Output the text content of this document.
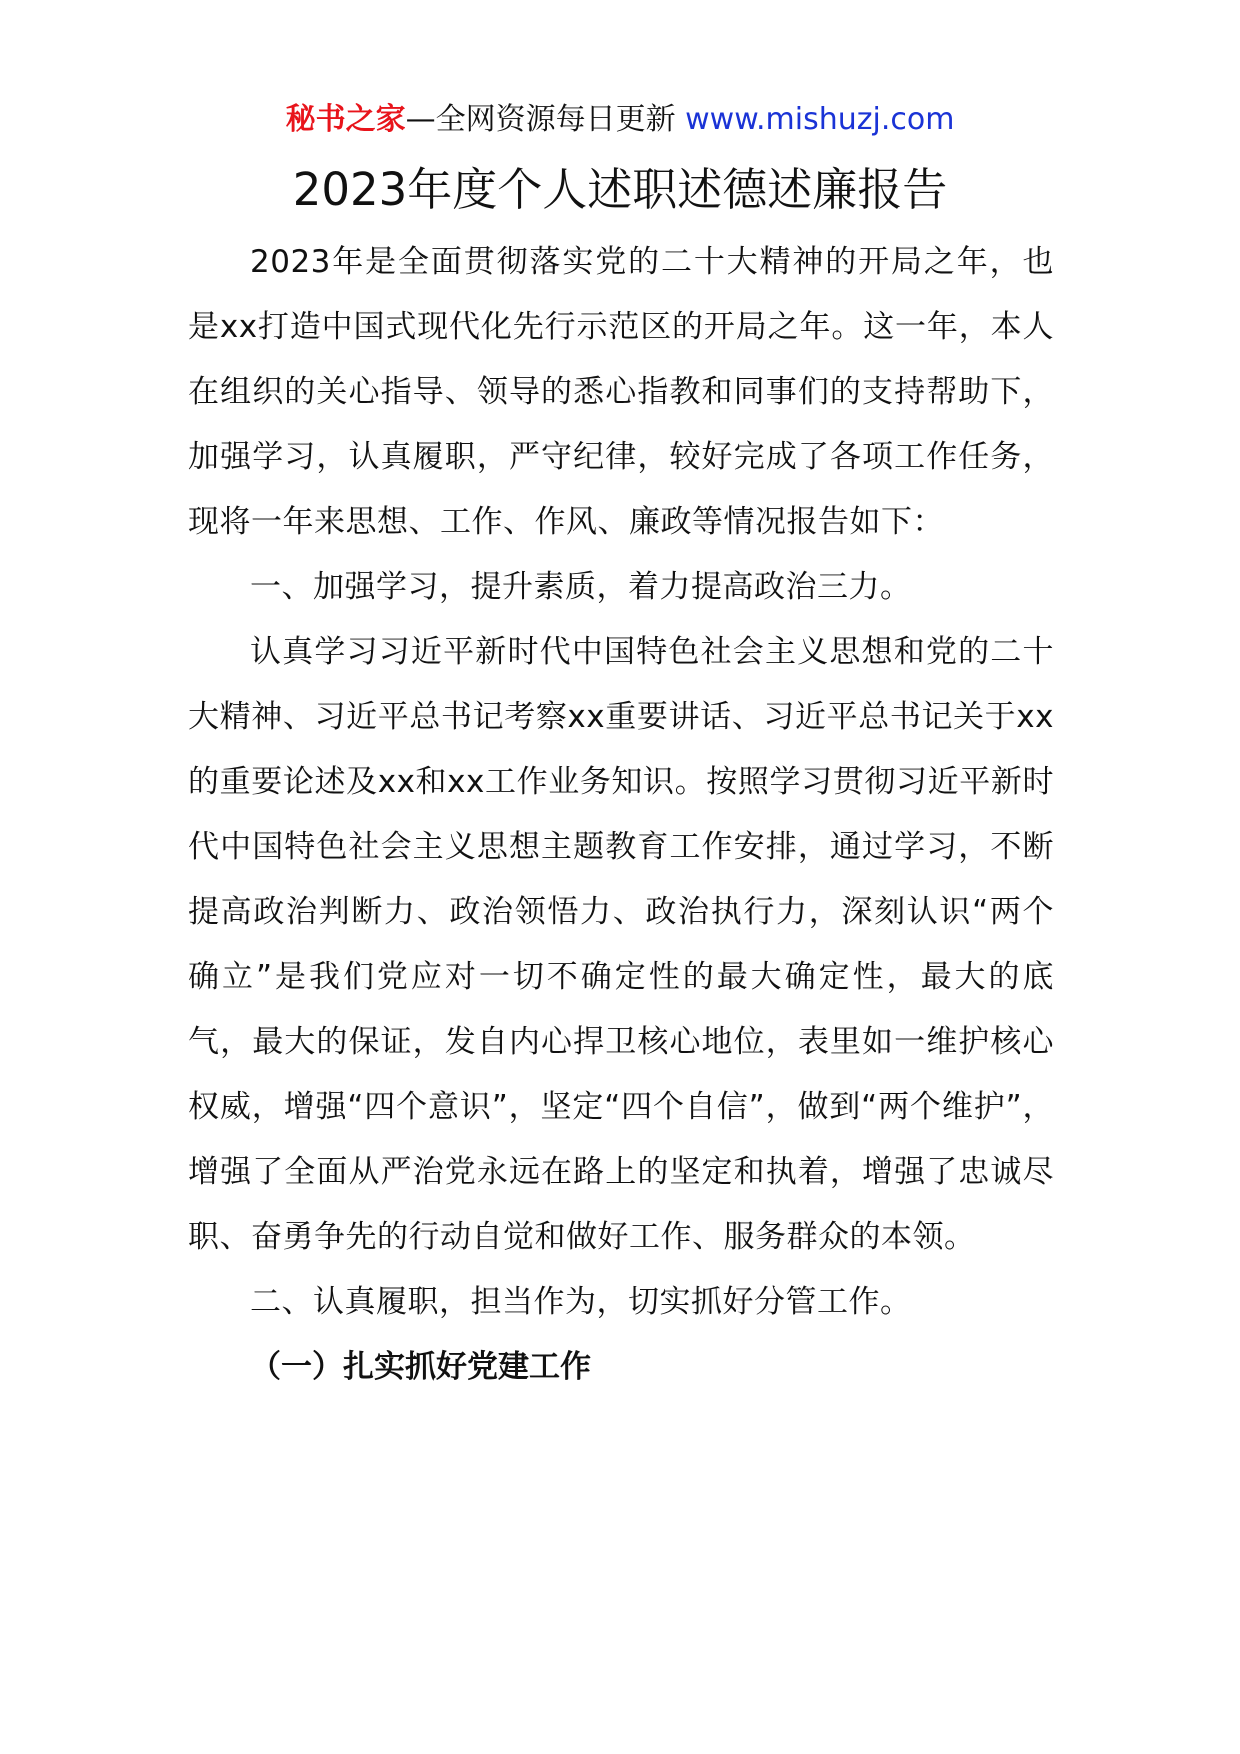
秘书之家—全网资源每日更新 www.mishuzj.com
2023年度个人述职述德述廉报告

2023年是全面贯彻落实党的二十大精神的开局之年，也是xx打造中国式现代化先行示范区的开局之年。这一年，本人在组织的关心指导、领导的悉心指教和同事们的支持帮助下，加强学习，认真履职，严守纪律，较好完成了各项工作任务，现将一年来思想、工作、作风、廉政等情况报告如下：

一、加强学习，提升素质，着力提高政治三力。

认真学习习近平新时代中国特色社会主义思想和党的二十大精神、习近平总书记考察xx重要讲话、习近平总书记关于xx的重要论述及xx和xx工作业务知识。按照学习贯彻习近平新时代中国特色社会主义思想主题教育工作安排，通过学习，不断提高政治判断力、政治领悟力、政治执行力，深刻认识“两个确立”是我们党应对一切不确定性的最大确定性，最大的底气，最大的保证，发自内心捍卫核心地位，表里如一维护核心权威，增强“四个意识”，坚定“四个自信”，做到“两个维护”，增强了全面从严治党永远在路上的坚定和执着，增强了忠诚尽职、奋勇争先的行动自觉和做好工作、服务群众的本领。

二、认真履职，担当作为，切实抓好分管工作。

（一）扎实抓好党建工作
